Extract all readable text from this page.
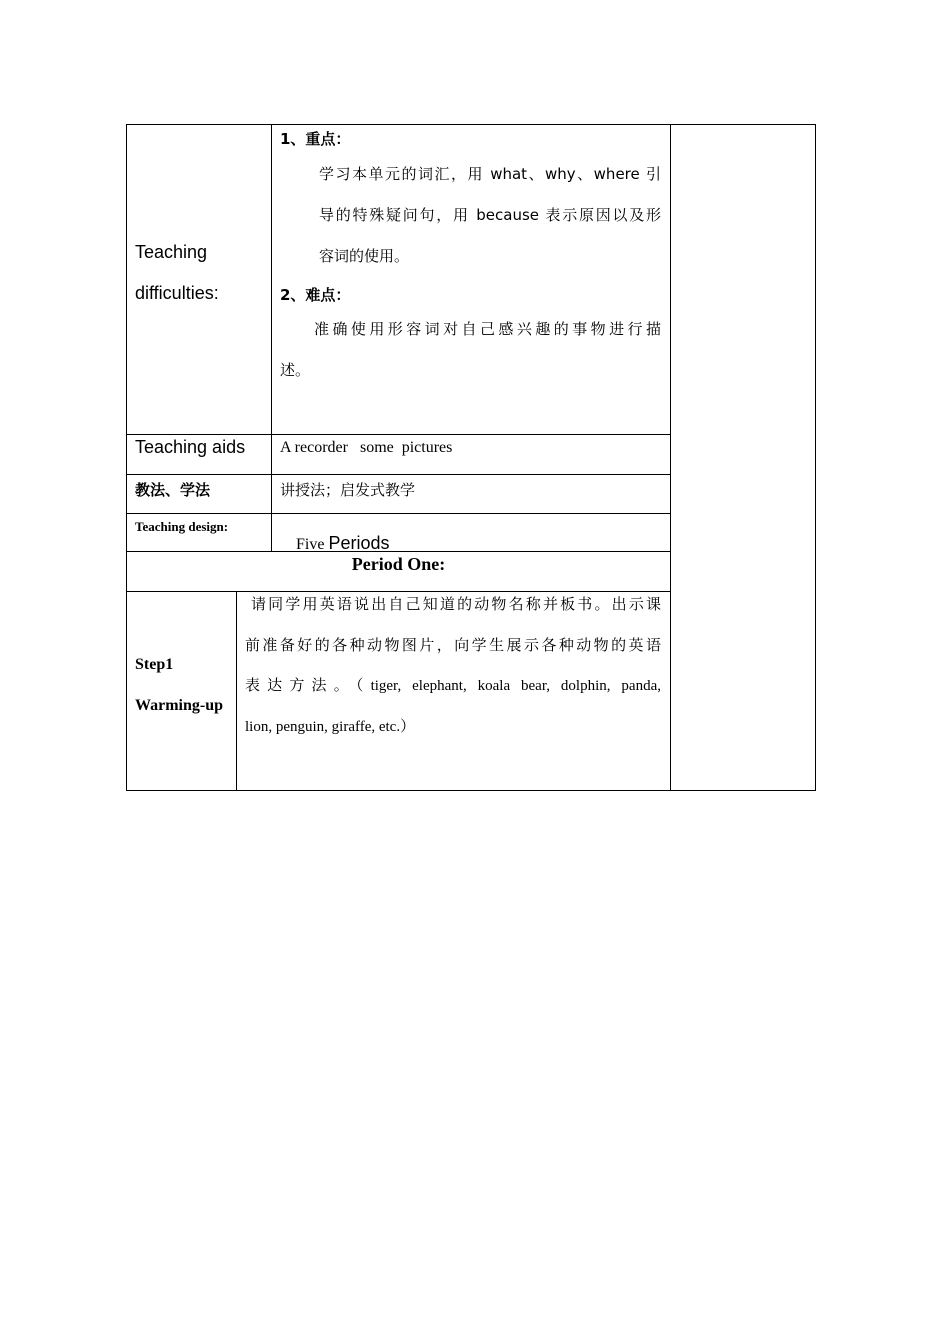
Teaching
difficulties:
1、重点：
学习本单元的词汇，用 what、why、where 引
导的特殊疑问句，用 because 表示原因以及形
容词的使用。
2、难点：
准确使用形容词对自己感兴趣的事物进行描
述。
Teaching aids A recorder   some  pictures
教法、学法	讲授法；启发式教学
Teaching design:

Five Periods

Period One:
Step1
Warming-up
请同学用英语说出自己知道的动物名称并板书。出示课
前准备好的各种动物图片，向学生展示各种动物的英语
表达方法。（tiger, elephant, koala bear, dolphin, panda,
lion, penguin, giraffe, etc.）
